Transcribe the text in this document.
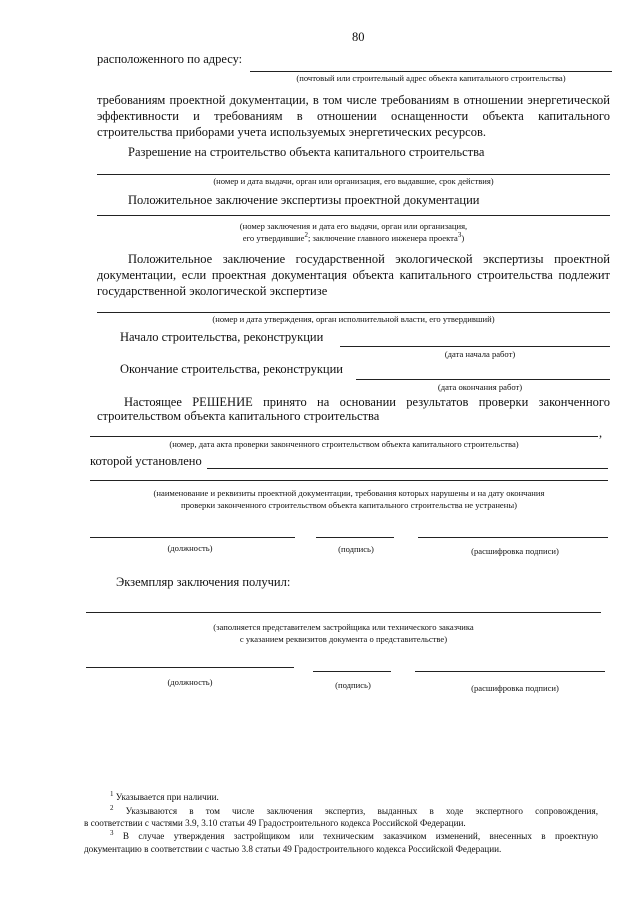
80
расположенного по адресу:
(почтовый или строительный адрес объекта капитального строительства)
требованиям проектной документации, в том числе требованиям в отношении энергетической
эффективности и требованиям в отношении оснащенности объекта капитального
строительства приборами учета используемых энергетических ресурсов.
Разрешение на строительство объекта капитального строительства
(номер и дата выдачи, орган или организация, его выдавшие, срок действия)
Положительное заключение экспертизы проектной документации
(номер заключения и дата его выдачи, орган или организация,
его утвердившие$^2$; заключение главного инженера проекта$^3$)
Положительное заключение государственной экологической экспертизы проектной
документации, если проектная документация объекта капитального строительства подлежит
государственной экологической экспертизе
(номер и дата утверждения, орган исполнительной власти, его утвердивший)
Начало строительства, реконструкции
(дата начала работ)
Окончание строительства, реконструкции
(дата окончания работ)
Настоящее РЕШЕНИЕ принято на основании результатов проверки законченного
строительством объекта капитального строительства
,
(номер, дата акта проверки законченного строительством объекта капитального строительства)
которой установлено
(наименование и реквизиты проектной документации, требования которых нарушены и на дату окончания
проверки законченного строительством объекта капитального строительства не устранены)
(должность)	(подпись)	(расшифровка подписи)
Экземпляр заключения получил:
(заполняется представителем застройщика или технического заказчика
с указанием реквизитов документа о представительстве)
(должность)	(подпись)	(расшифровка подписи)
$^1$ Указывается при наличии.
$^2$ Указываются в том числе заключения экспертиз, выданных в ходе экспертного сопровождения,
в соответствии с частями 3.9, 3.10 статьи 49 Градостроительного кодекса Российской Федерации.
$^3$ В случае утверждения застройщиком или техническим заказчиком изменений, внесенных в проектную
документацию в соответствии с частью 3.8 статьи 49 Градостроительного кодекса Российской Федерации.
